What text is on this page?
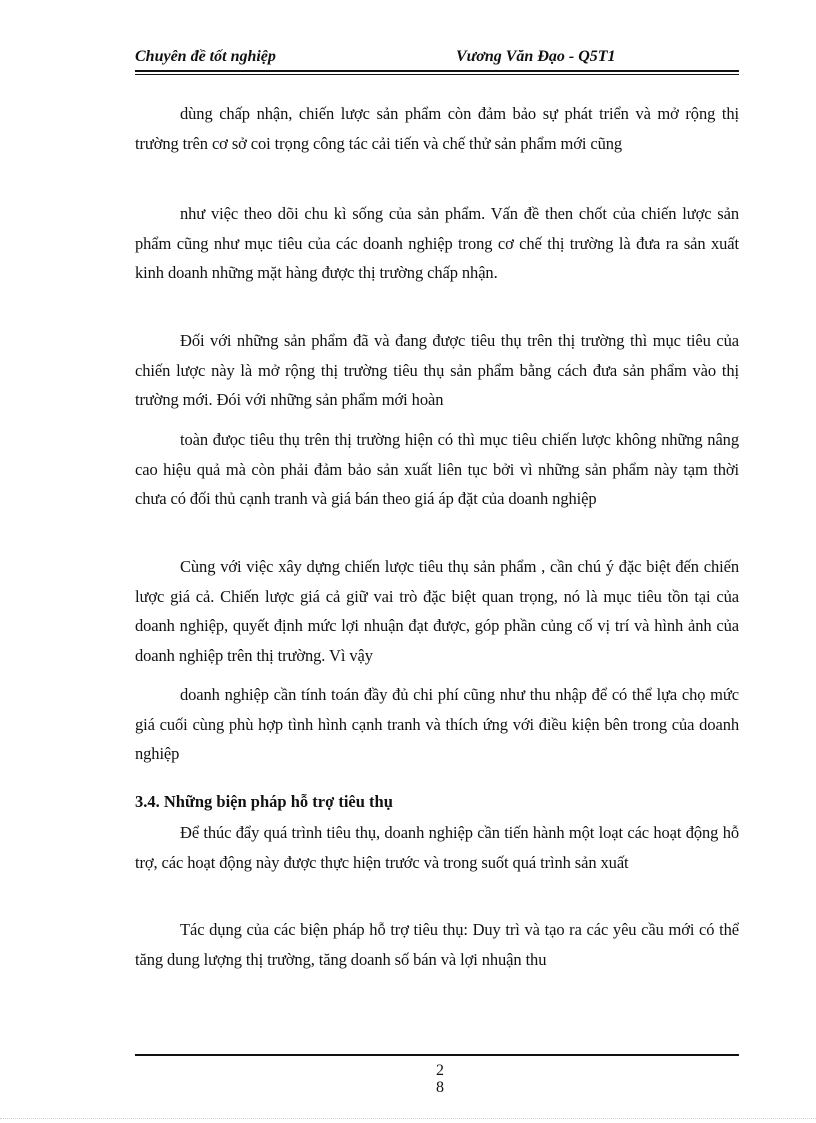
Chuyên đề tốt nghiệp	Vương Văn Đạo - Q5T1

dùng chấp nhận, chiến lược sản phẩm còn đảm bảo sự phát triển và mở rộng thị trường trên cơ sở coi trọng công tác cải tiến và chế thử sản phẩm mới cũng

như việc theo dõi chu kì sống của sản phẩm. Vấn đề then chốt của chiến lược sản phẩm cũng như mục tiêu của các doanh nghiệp trong cơ chế thị trường là đưa ra sản xuất kinh doanh những mặt hàng được thị trường chấp nhận.

Đối với những sản phẩm đã và đang được tiêu thụ trên thị trường thì mục tiêu của chiến lược này là mở rộng thị trường tiêu thụ sản phẩm bằng cách đưa sản phẩm vào thị trường mới. Đói với những sản phẩm mới hoàn

toàn đưọc tiêu thụ trên thị trường hiện có thì mục tiêu chiến lược không những nâng cao hiệu quả mà còn phải đảm bảo sản xuất liên tục bởi vì những sản phẩm này tạm thời chưa có đối thủ cạnh tranh và giá bán theo giá áp đặt của doanh nghiệp

Cùng với việc xây dựng chiến lược tiêu thụ sản phẩm , cần chú ý đặc biệt đến chiến lược giá cả. Chiến lược giá cả giữ vai trò đặc biệt quan trọng, nó là mục tiêu tồn tại của doanh nghiệp, quyết định mức lợi nhuận đạt được, góp phần củng cố vị trí và hình ảnh của doanh nghiệp trên thị trường. Vì vậy

doanh nghiệp cần tính toán đầy đủ chi phí cũng như thu nhập để có thể lựa chọ mức giá cuối cùng phù hợp tình hình cạnh tranh và thích ứng với điều kiện bên trong của doanh nghiệp

3.4. Những biện pháp hỗ trợ tiêu thụ

Để thúc đẩy quá trình tiêu thụ, doanh nghiệp cần tiến hành một loạt các hoạt động hỗ trợ, các hoạt động này được thực hiện trước và trong suốt quá trình sản xuất

Tác dụng của các biện pháp hỗ trợ tiêu thụ: Duy trì và tạo ra các yêu cầu mới có thể tăng dung lượng thị trường, tăng doanh số bán và lợi nhuận thu

2
8
